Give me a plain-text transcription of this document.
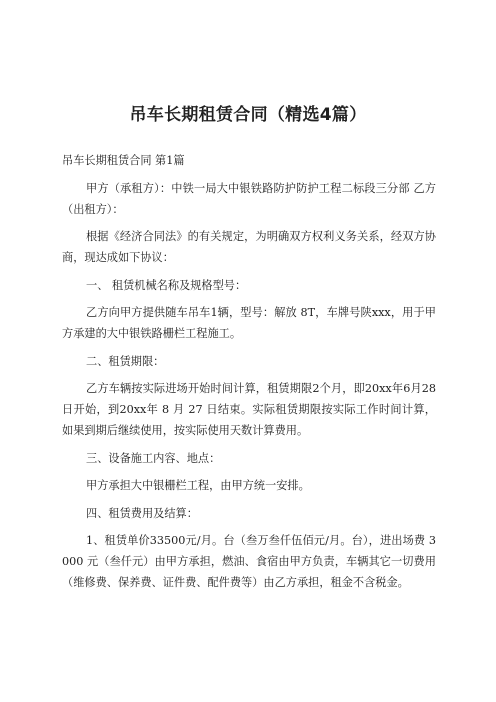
吊车长期租赁合同（精选4篇）

吊车长期租赁合同 第1篇

甲方（承租方）：中铁一局大中银铁路防护防护工程二标段三分部 乙方（出租方）：

根据《经济合同法》的有关规定，为明确双方权利义务关系，经双方协商，现达成如下协议：

一、 租赁机械名称及规格型号：

乙方向甲方提供随车吊车1辆，型号：解放 8T，车牌号陕xxx，用于甲方承建的大中银铁路栅栏工程施工。

二、租赁期限：

乙方车辆按实际进场开始时间计算，租赁期限2个月，即20xx年6月28日开始，到20xx年 8 月 27 日结束。实际租赁期限按实际工作时间计算，如果到期后继续使用，按实际使用天数计算费用。

三、设备施工内容、地点：

甲方承担大中银栅栏工程，由甲方统一安排。

四、租赁费用及结算：

1、租赁单价33500元/月。台（叁万叁仟伍佰元/月。台），进出场费 3000 元（叁仟元）由甲方承担，燃油、食宿由甲方负责，车辆其它一切费用（维修费、保养费、证件费、配件费等）由乙方承担，租金不含税金。
